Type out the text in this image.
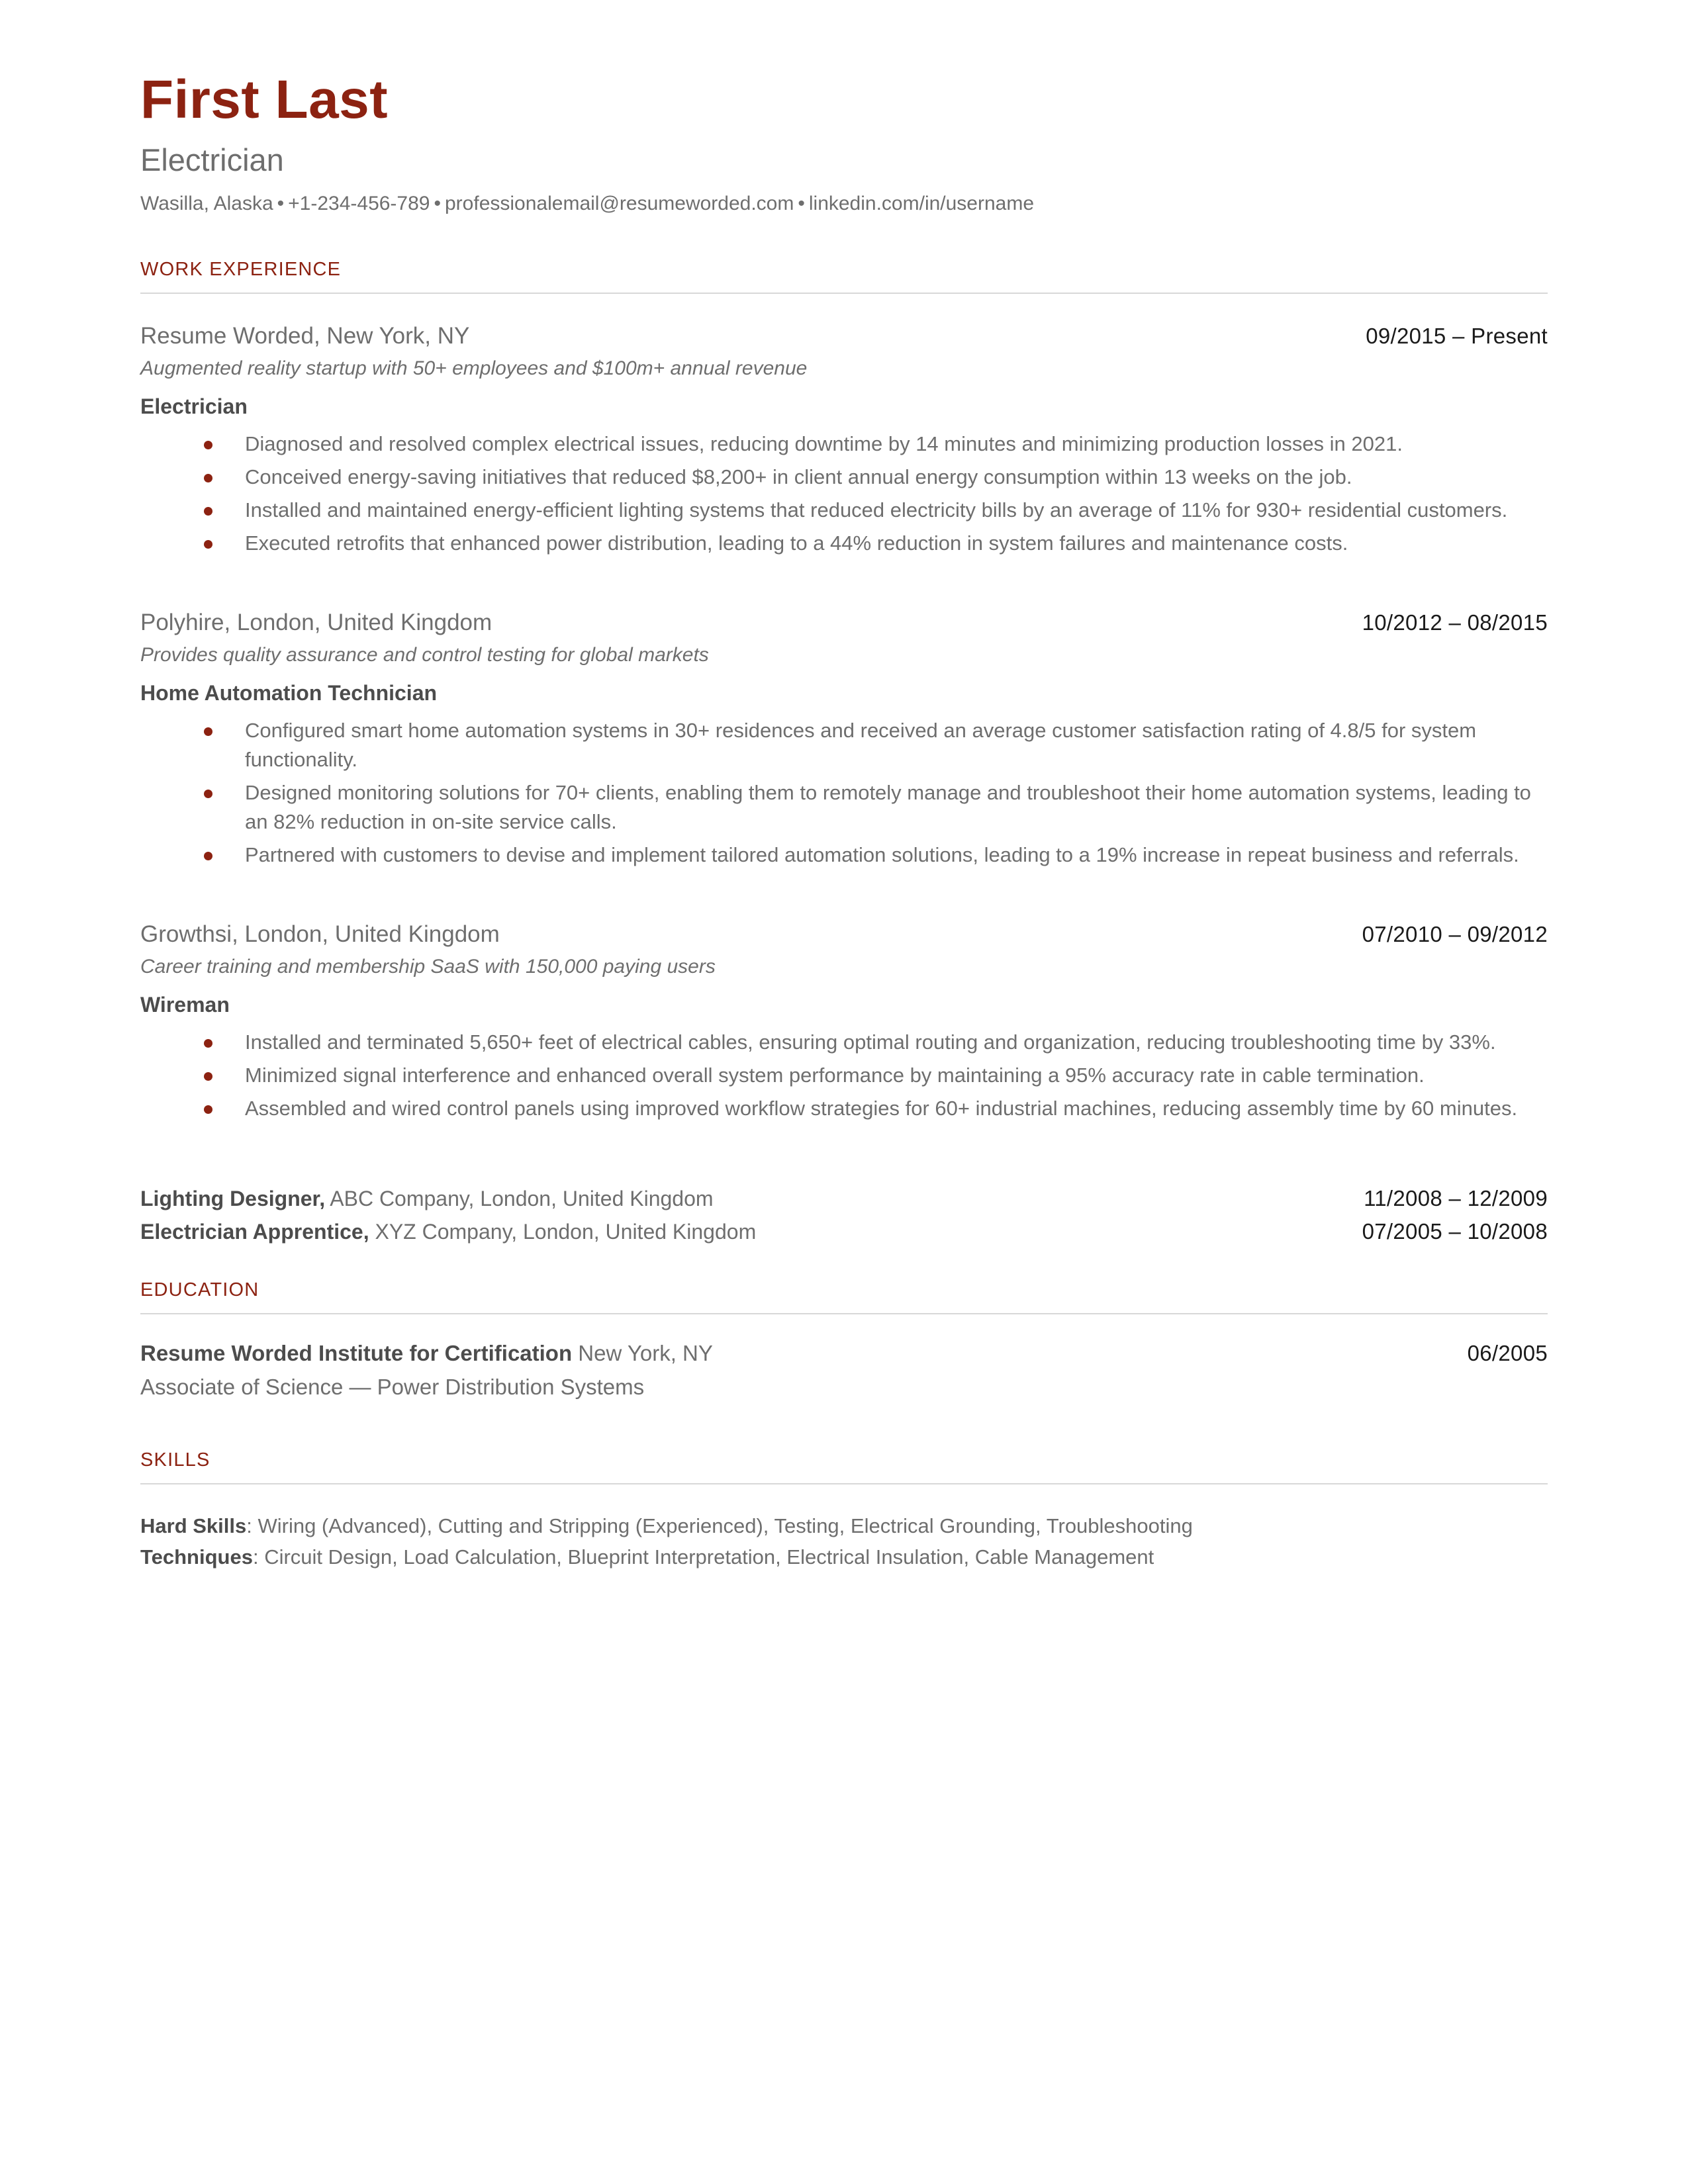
First Last
Electrician
Wasilla, Alaska • +1-234-456-789 • professionalemail@resumeworded.com • linkedin.com/in/username
WORK EXPERIENCE
Resume Worded, New York, NY	09/2015 – Present
Augmented reality startup with 50+ employees and $100m+ annual revenue
Electrician
Diagnosed and resolved complex electrical issues, reducing downtime by 14 minutes and minimizing production losses in 2021.
Conceived energy-saving initiatives that reduced $8,200+ in client annual energy consumption within 13 weeks on the job.
Installed and maintained energy-efficient lighting systems that reduced electricity bills by an average of 11% for 930+ residential customers.
Executed retrofits that enhanced power distribution, leading to a 44% reduction in system failures and maintenance costs.
Polyhire, London, United Kingdom	10/2012 – 08/2015
Provides quality assurance and control testing for global markets
Home Automation Technician
Configured smart home automation systems in 30+ residences and received an average customer satisfaction rating of 4.8/5 for system functionality.
Designed monitoring solutions for 70+ clients, enabling them to remotely manage and troubleshoot their home automation systems, leading to an 82% reduction in on-site service calls.
Partnered with customers to devise and implement tailored automation solutions, leading to a 19% increase in repeat business and referrals.
Growthsi, London, United Kingdom	07/2010 – 09/2012
Career training and membership SaaS with 150,000 paying users
Wireman
Installed and terminated 5,650+ feet of electrical cables, ensuring optimal routing and organization, reducing troubleshooting time by 33%.
Minimized signal interference and enhanced overall system performance by maintaining a 95% accuracy rate in cable termination.
Assembled and wired control panels using improved workflow strategies for 60+ industrial machines, reducing assembly time by 60 minutes.
Lighting Designer, ABC Company, London, United Kingdom	11/2008 – 12/2009
Electrician Apprentice, XYZ Company, London, United Kingdom	07/2005 – 10/2008
EDUCATION
Resume Worded Institute for Certification New York, NY	06/2005
Associate of Science — Power Distribution Systems
SKILLS
Hard Skills: Wiring (Advanced), Cutting and Stripping (Experienced), Testing, Electrical Grounding, Troubleshooting
Techniques: Circuit Design, Load Calculation, Blueprint Interpretation, Electrical Insulation, Cable Management
